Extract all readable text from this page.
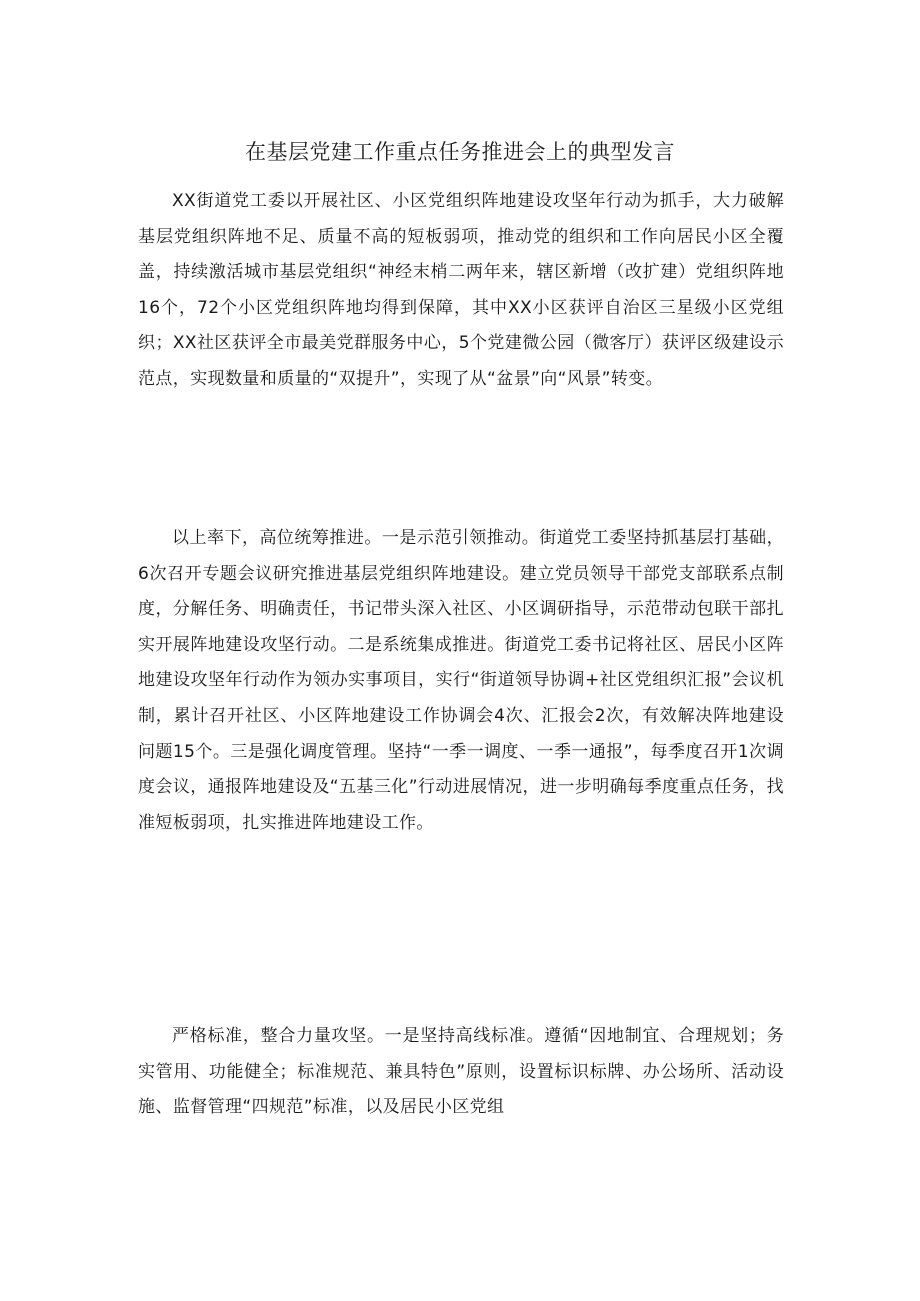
在基层党建工作重点任务推进会上的典型发言

XX街道党工委以开展社区、小区党组织阵地建设攻坚年行动为抓手，大力破解基层党组织阵地不足、质量不高的短板弱项，推动党的组织和工作向居民小区全覆盖，持续激活城市基层党组织“神经末梢二两年来，辖区新增（改扩建）党组织阵地16个，72个小区党组织阵地均得到保障，其中XX小区获评自治区三星级小区党组织；XX社区获评全市最美党群服务中心，5个党建微公园（微客厅）获评区级建设示范点，实现数量和质量的“双提升”，实现了从“盆景”向“风景”转变。

以上率下，高位统筹推进。一是示范引领推动。街道党工委坚持抓基层打基础，6次召开专题会议研究推进基层党组织阵地建设。建立党员领导干部党支部联系点制度，分解任务、明确责任，书记带头深入社区、小区调研指导，示范带动包联干部扎实开展阵地建设攻坚行动。二是系统集成推进。街道党工委书记将社区、居民小区阵地建设攻坚年行动作为领办实事项目，实行“街道领导协调+社区党组织汇报”会议机制，累计召开社区、小区阵地建设工作协调会4次、汇报会2次，有效解决阵地建设问题15个。三是强化调度管理。坚持“一季一调度、一季一通报”，每季度召开1次调度会议，通报阵地建设及“五基三化”行动进展情况，进一步明确每季度重点任务，找准短板弱项，扎实推进阵地建设工作。

严格标准，整合力量攻坚。一是坚持高线标准。遵循“因地制宜、合理规划；务实管用、功能健全；标准规范、兼具特色”原则，设置标识标牌、办公场所、活动设施、监督管理“四规范”标准，以及居民小区党组
